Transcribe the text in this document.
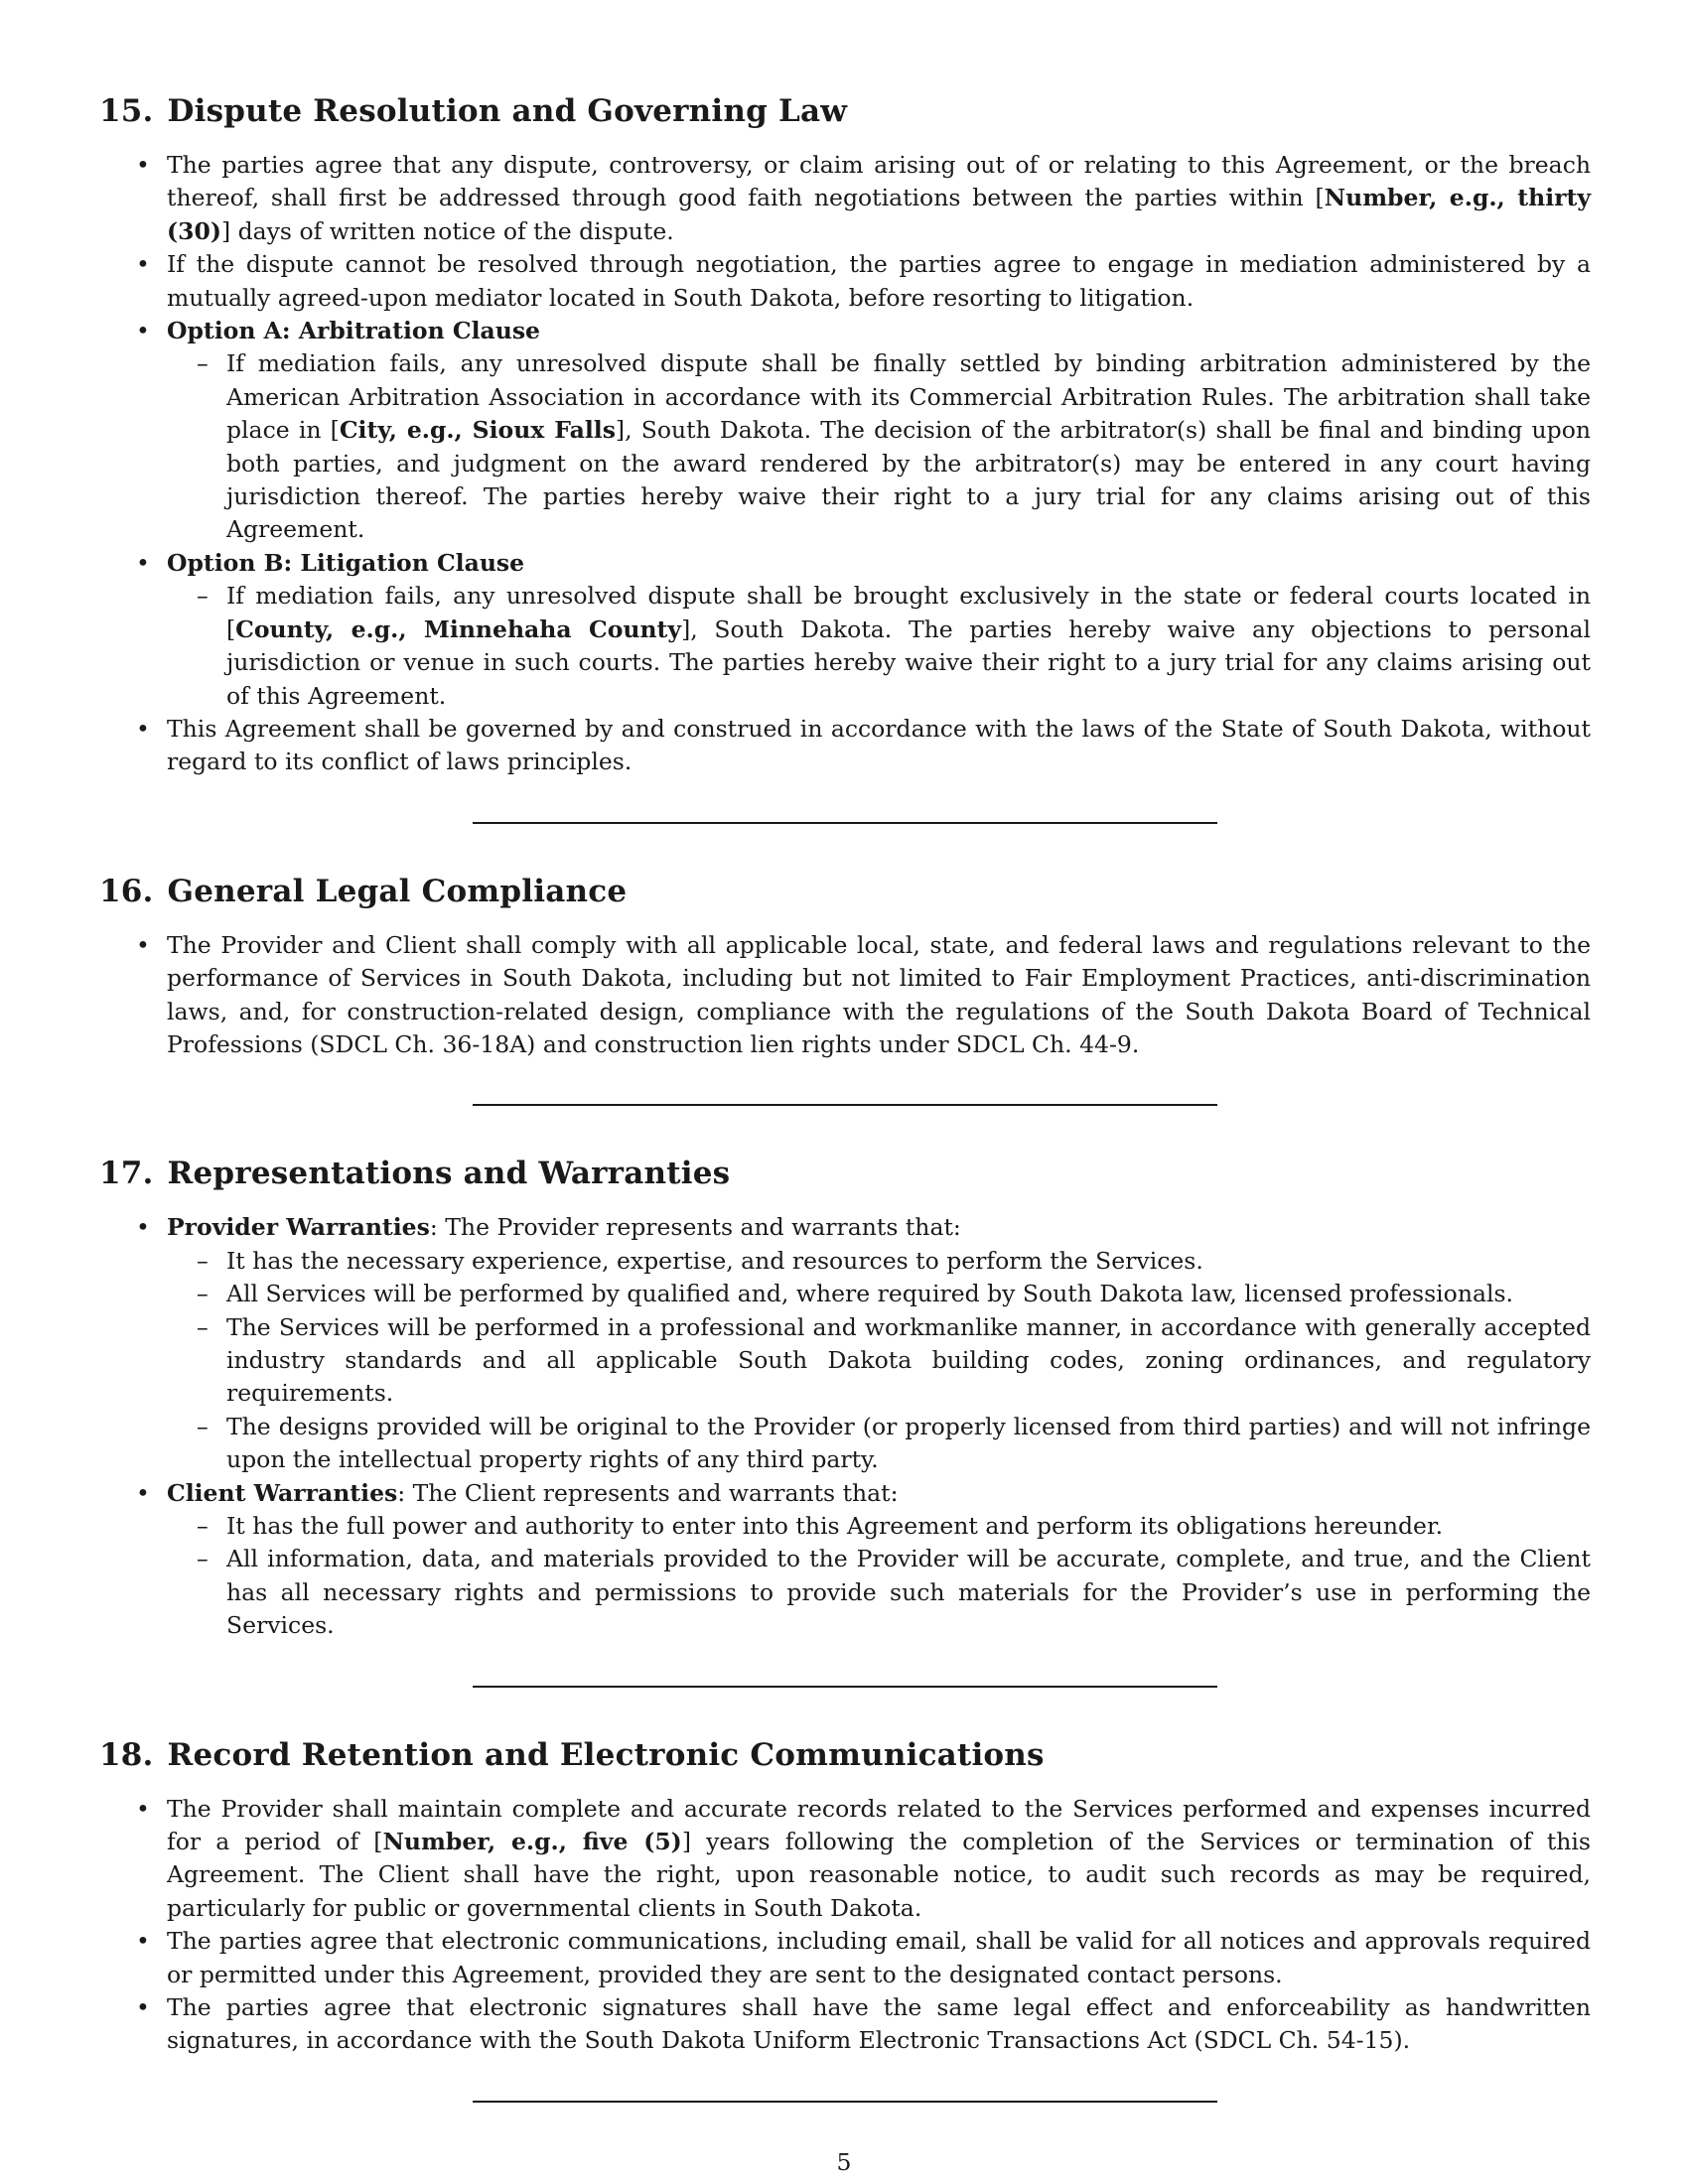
15. Dispute Resolution and Governing Law
• The parties agree that any dispute, controversy, or claim arising out of or relating to this Agreement, or the breach thereof, shall first be addressed through good faith negotiations between the parties within [Number, e.g., thirty (30)] days of written notice of the dispute.
• If the dispute cannot be resolved through negotiation, the parties agree to engage in mediation administered by a mutually agreed-upon mediator located in South Dakota, before resorting to litigation.
• Option A: Arbitration Clause
– If mediation fails, any unresolved dispute shall be finally settled by binding arbitration administered by the American Arbitration Association in accordance with its Commercial Arbitration Rules. The arbitration shall take place in [City, e.g., Sioux Falls], South Dakota. The decision of the arbitrator(s) shall be final and binding upon both parties, and judgment on the award rendered by the arbitrator(s) may be entered in any court having jurisdiction thereof. The parties hereby waive their right to a jury trial for any claims arising out of this Agreement.
• Option B: Litigation Clause
– If mediation fails, any unresolved dispute shall be brought exclusively in the state or federal courts located in [County, e.g., Minnehaha County], South Dakota. The parties hereby waive any objections to personal jurisdiction or venue in such courts. The parties hereby waive their right to a jury trial for any claims arising out of this Agreement.
• This Agreement shall be governed by and construed in accordance with the laws of the State of South Dakota, without regard to its conflict of laws principles.
16. General Legal Compliance
• The Provider and Client shall comply with all applicable local, state, and federal laws and regulations relevant to the performance of Services in South Dakota, including but not limited to Fair Employment Practices, anti-discrimination laws, and, for construction-related design, compliance with the regulations of the South Dakota Board of Technical Professions (SDCL Ch. 36-18A) and construction lien rights under SDCL Ch. 44-9.
17. Representations and Warranties
• Provider Warranties: The Provider represents and warrants that:
– It has the necessary experience, expertise, and resources to perform the Services.
– All Services will be performed by qualified and, where required by South Dakota law, licensed professionals.
– The Services will be performed in a professional and workmanlike manner, in accordance with generally accepted industry standards and all applicable South Dakota building codes, zoning ordinances, and regulatory requirements.
– The designs provided will be original to the Provider (or properly licensed from third parties) and will not infringe upon the intellectual property rights of any third party.
• Client Warranties: The Client represents and warrants that:
– It has the full power and authority to enter into this Agreement and perform its obligations hereunder.
– All information, data, and materials provided to the Provider will be accurate, complete, and true, and the Client has all necessary rights and permissions to provide such materials for the Provider’s use in performing the Services.
18. Record Retention and Electronic Communications
• The Provider shall maintain complete and accurate records related to the Services performed and expenses incurred for a period of [Number, e.g., five (5)] years following the completion of the Services or termination of this Agreement. The Client shall have the right, upon reasonable notice, to audit such records as may be required, particularly for public or governmental clients in South Dakota.
• The parties agree that electronic communications, including email, shall be valid for all notices and approvals required or permitted under this Agreement, provided they are sent to the designated contact persons.
• The parties agree that electronic signatures shall have the same legal effect and enforceability as handwritten signatures, in accordance with the South Dakota Uniform Electronic Transactions Act (SDCL Ch. 54-15).
5
